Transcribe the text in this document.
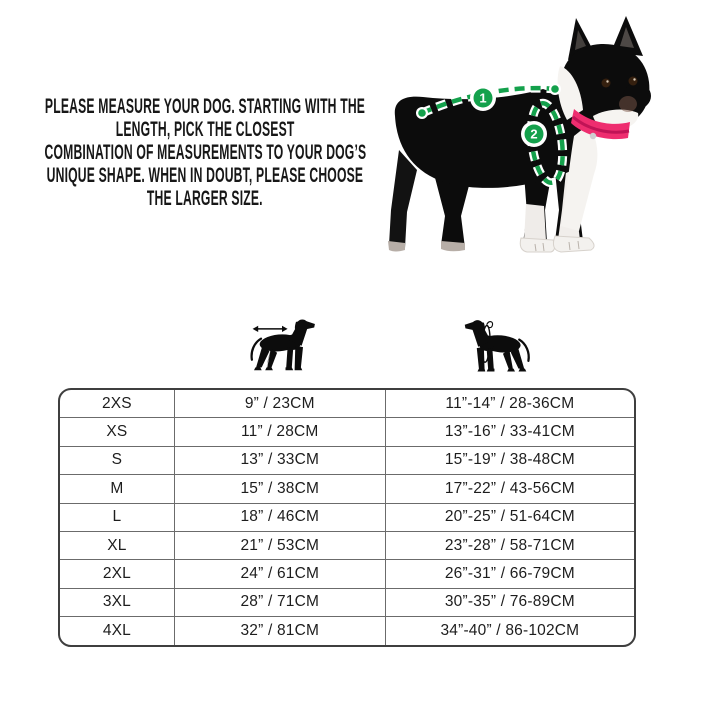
PLEASE MEASURE YOUR DOG. STARTING WITH THE
LENGTH, PICK THE CLOSEST
COMBINATION OF MEASUREMENTS TO YOUR DOG’S
UNIQUE SHAPE. WHEN IN DOUBT, PLEASE CHOOSE
THE LARGER SIZE.
1
2
2XS	9” / 23CM	11”-14” / 28-36CM
XS	11” / 28CM	13”-16” / 33-41CM
S	13” / 33CM	15”-19” / 38-48CM
M	15” / 38CM	17”-22” / 43-56CM
L	18” / 46CM	20”-25” / 51-64CM
XL	21” / 53CM	23”-28” / 58-71CM
2XL	24” / 61CM	26”-31” / 66-79CM
3XL	28” / 71CM	30”-35” / 76-89CM
4XL	32” / 81CM	34”-40” / 86-102CM
